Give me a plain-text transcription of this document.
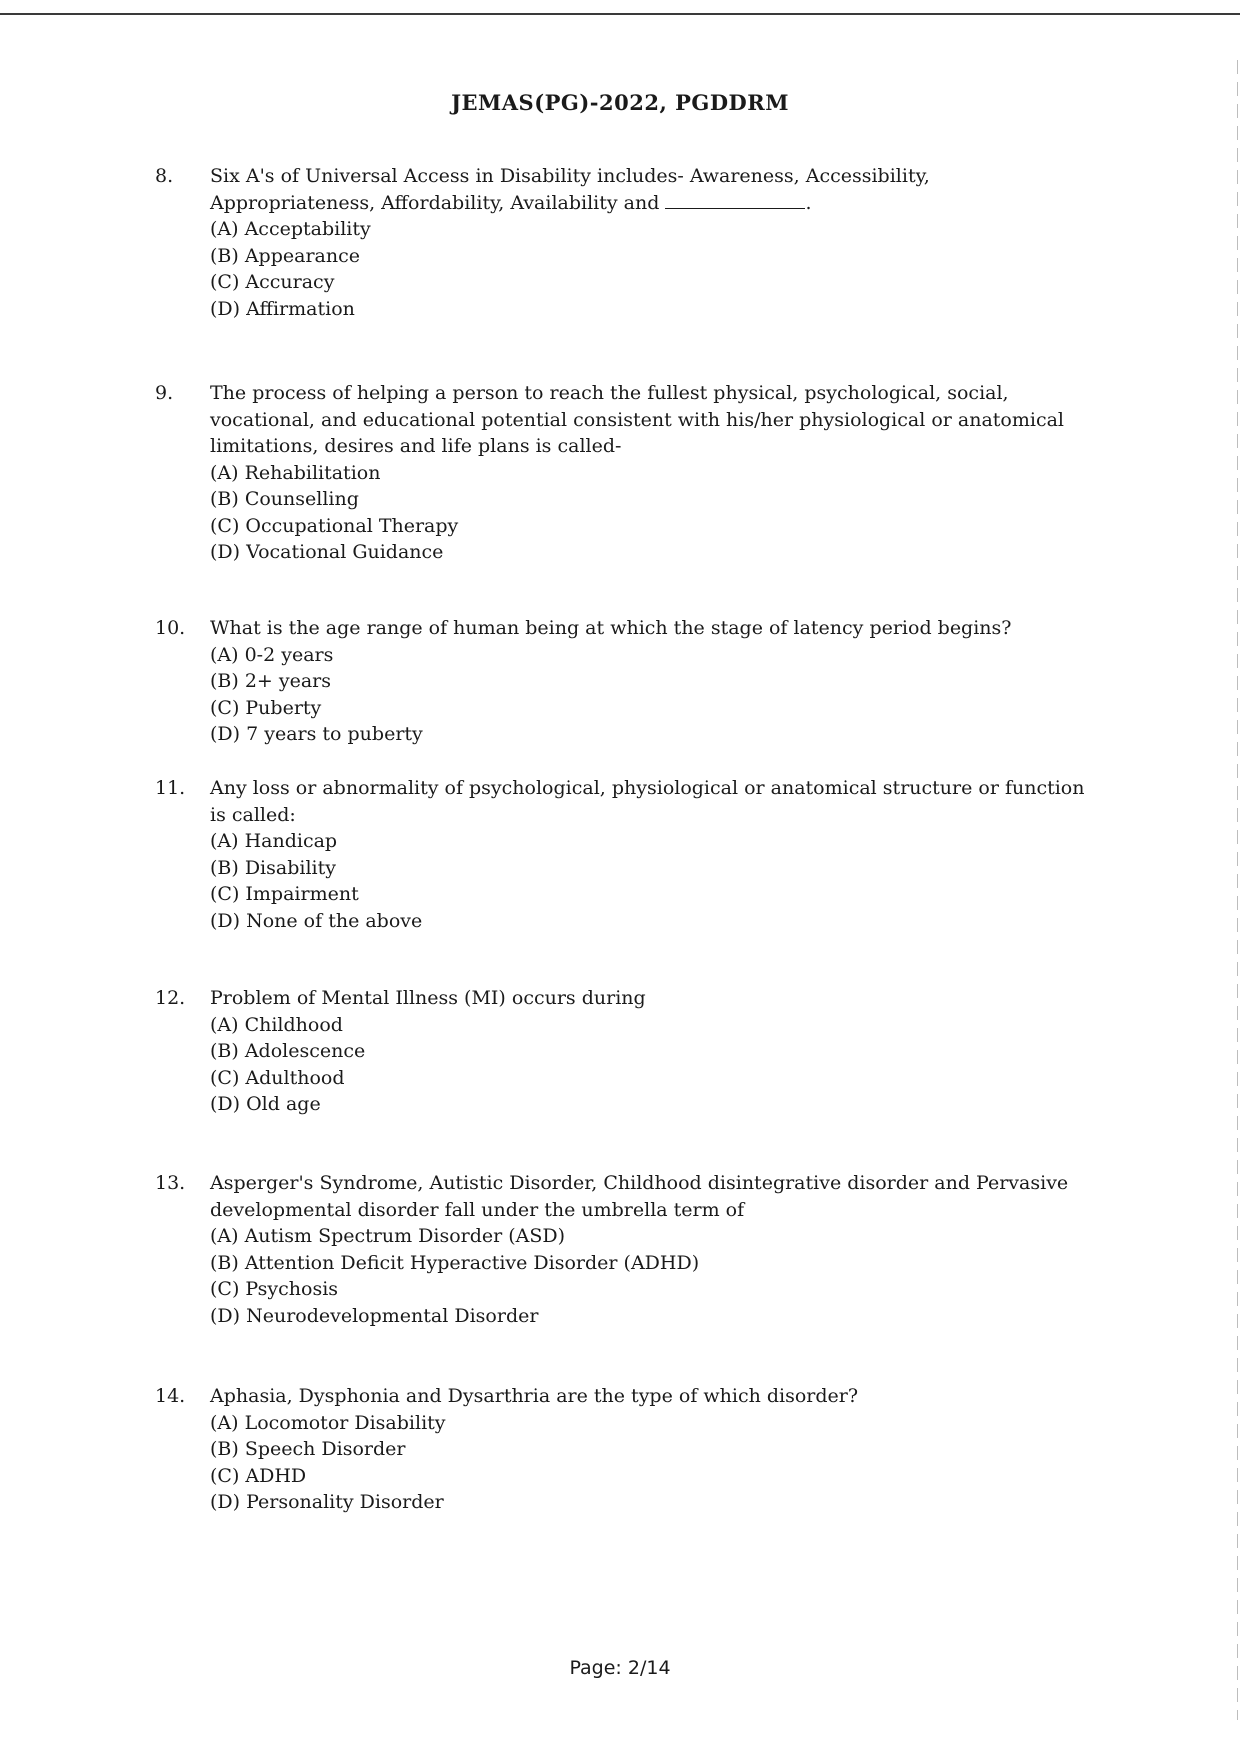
JEMAS(PG)-2022, PGDDRM
8. Six A's of Universal Access in Disability includes- Awareness, Accessibility,
Appropriateness, Affordability, Availability and	.
(A) Acceptability
(B) Appearance
(C) Accuracy
(D) Affirmation
9. The process of helping a person to reach the fullest physical, psychological, social,
vocational, and educational potential consistent with his/her physiological or anatomical
limitations, desires and life plans is called-
(A) Rehabilitation
(B) Counselling
(C) Occupational Therapy
(D) Vocational Guidance
10. What is the age range of human being at which the stage of latency period begins?
(A) 0-2 years
(B) 2+ years
(C) Puberty
(D) 7 years to puberty
11. Any loss or abnormality of psychological, physiological or anatomical structure or function
is called:
(A) Handicap
(B) Disability
(C) Impairment
(D) None of the above
12. Problem of Mental Illness (MI) occurs during
(A) Childhood
(B) Adolescence
(C) Adulthood
(D) Old age
13. Asperger's Syndrome, Autistic Disorder, Childhood disintegrative disorder and Pervasive
developmental disorder fall under the umbrella term of
(A) Autism Spectrum Disorder (ASD)
(B) Attention Deficit Hyperactive Disorder (ADHD)
(C) Psychosis
(D) Neurodevelopmental Disorder
14. Aphasia, Dysphonia and Dysarthria are the type of which disorder?
(A) Locomotor Disability
(B) Speech Disorder
(C) ADHD
(D) Personality Disorder
Page: 2/14
